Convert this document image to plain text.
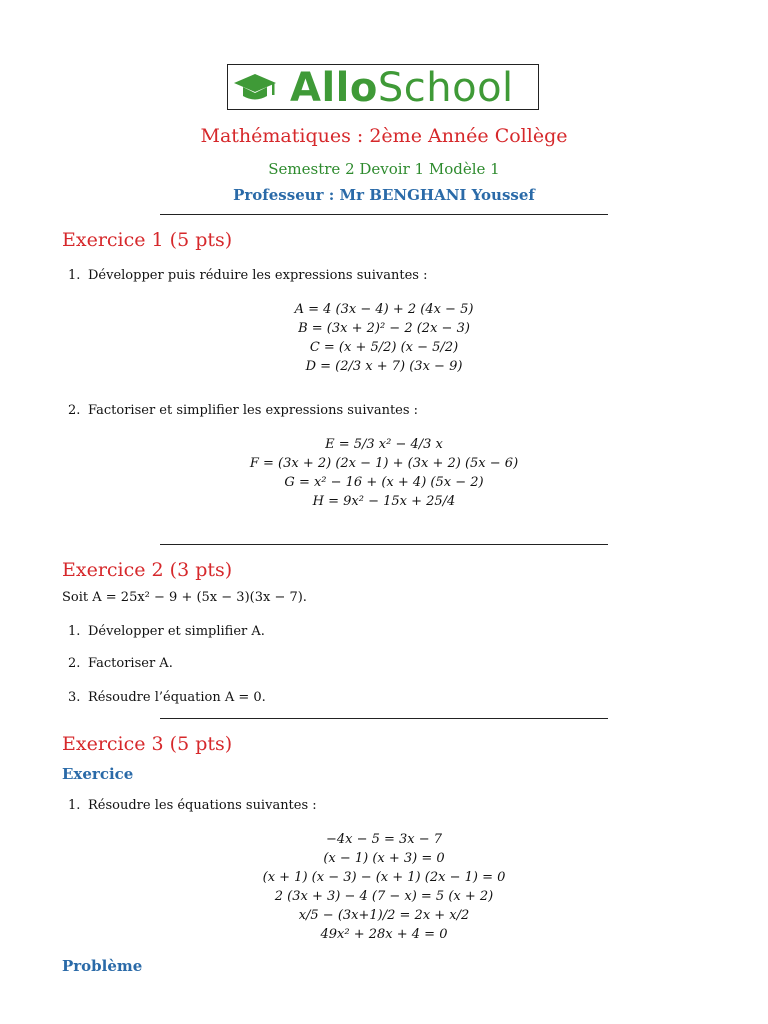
AlloSchool
Mathématiques : 2ème Année Collège
Semestre 2 Devoir 1 Modèle 1
Professeur : Mr BENGHANI Youssef
Exercice 1 (5 pts)
1. Développer puis réduire les expressions suivantes :
A = 4 (3x − 4) + 2 (4x − 5)
B = (3x + 2)² − 2 (2x − 3)
C = (x + 5/2) (x − 5/2)
D = (2/3 x + 7) (3x − 9)
2. Factoriser et simplifier les expressions suivantes :
E = 5/3 x² − 4/3 x
F = (3x + 2) (2x − 1) + (3x + 2) (5x − 6)
G = x² − 16 + (x + 4) (5x − 2)
H = 9x² − 15x + 25/4
Exercice 2 (3 pts)
Soit A = 25x² − 9 + (5x − 3)(3x − 7).
1. Développer et simplifier A.
2. Factoriser A.
3. Résoudre l’équation A = 0.
Exercice 3 (5 pts)
Exercice
1. Résoudre les équations suivantes :
−4x − 5 = 3x − 7
(x − 1) (x + 3) = 0
(x + 1) (x − 3) − (x + 1) (2x − 1) = 0
2 (3x + 3) − 4 (7 − x) = 5 (x + 2)
x/5 − (3x+1)/2 = 2x + x/2
49x² + 28x + 4 = 0
Problème
